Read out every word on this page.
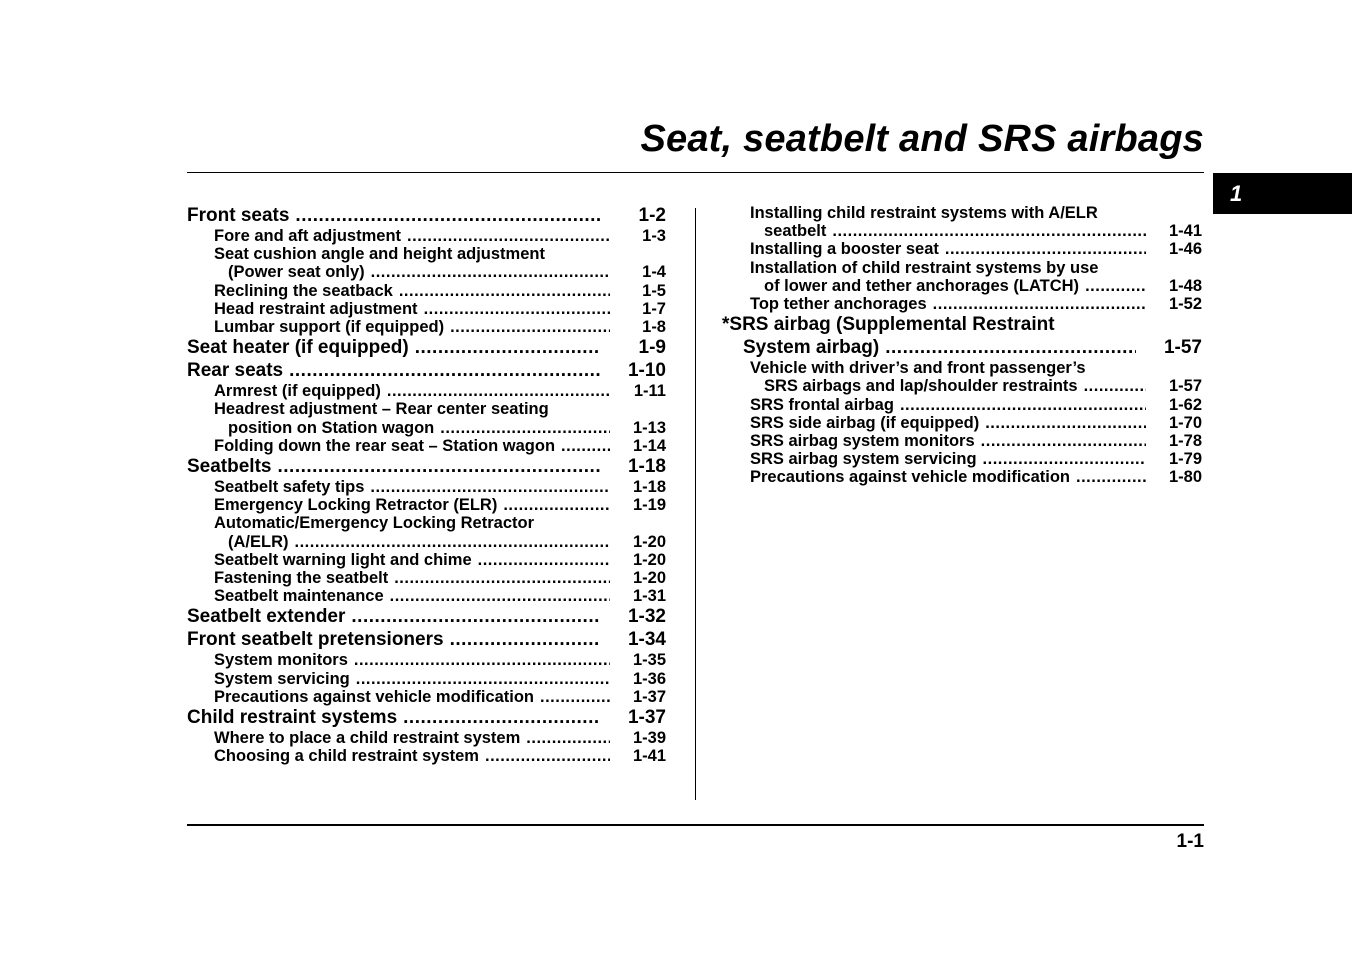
Seat, seatbelt and SRS airbags
1
Front seats .....	1-2
Fore and aft adjustment .....	1-3
Seat cushion angle and height adjustment
(Power seat only) .....	1-4
Reclining the seatback .....	1-5
Head restraint adjustment .....	1-7
Lumbar support (if equipped) .....	1-8
Seat heater (if equipped) .....	1-9
Rear seats .....	1-10
Armrest (if equipped) .....	1-11
Headrest adjustment – Rear center seating
position on Station wagon .....	1-13
Folding down the rear seat – Station wagon .....	1-14
Seatbelts .....	1-18
Seatbelt safety tips .....	1-18
Emergency Locking Retractor (ELR) .....	1-19
Automatic/Emergency Locking Retractor
(A/ELR) .....	1-20
Seatbelt warning light and chime .....	1-20
Fastening the seatbelt .....	1-20
Seatbelt maintenance .....	1-31
Seatbelt extender .....	1-32
Front seatbelt pretensioners .....	1-34
System monitors .....	1-35
System servicing .....	1-36
Precautions against vehicle modification .....	1-37
Child restraint systems .....	1-37
Where to place a child restraint system .....	1-39
Choosing a child restraint system .....	1-41
Installing child restraint systems with A/ELR
seatbelt .....	1-41
Installing a booster seat .....	1-46
Installation of child restraint systems by use
of lower and tether anchorages (LATCH) .....	1-48
Top tether anchorages .....	1-52
*SRS airbag (Supplemental Restraint
System airbag) .....	1-57
Vehicle with driver’s and front passenger’s
SRS airbags and lap/shoulder restraints .....	1-57
SRS frontal airbag .....	1-62
SRS side airbag (if equipped) .....	1-70
SRS airbag system monitors .....	1-78
SRS airbag system servicing .....	1-79
Precautions against vehicle modification .....	1-80
1-1
